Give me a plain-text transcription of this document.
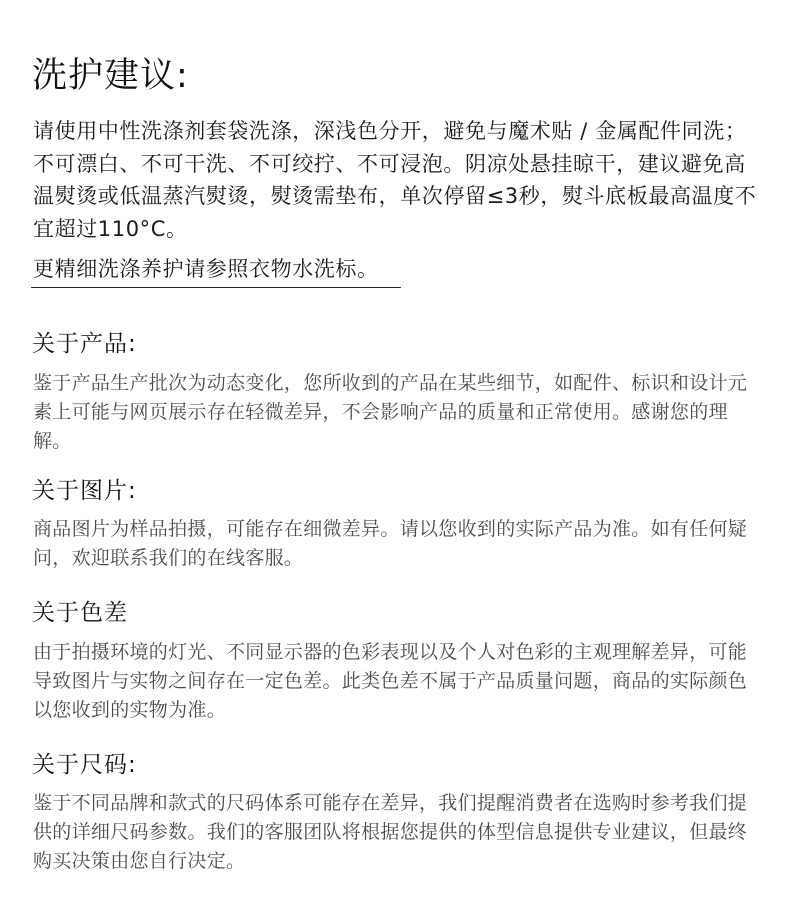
洗护建议:

请使用中性洗涤剂套袋洗涤，深浅色分开，避免与魔术贴 / 金属配件同洗；不可漂白、不可干洗、不可绞拧、不可浸泡。阴凉处悬挂晾干，建议避免高温熨烫或低温蒸汽熨烫，熨烫需垫布，单次停留≤3秒，熨斗底板最高温度不宜超过110°C。

更精细洗涤养护请参照衣物水洗标。

关于产品:

鉴于产品生产批次为动态变化，您所收到的产品在某些细节，如配件、标识和设计元素上可能与网页展示存在轻微差异，不会影响产品的质量和正常使用。感谢您的理解。

关于图片:

商品图片为样品拍摄，可能存在细微差异。请以您收到的实际产品为准。如有任何疑问，欢迎联系我们的在线客服。

关于色差

由于拍摄环境的灯光、不同显示器的色彩表现以及个人对色彩的主观理解差异，可能导致图片与实物之间存在一定色差。此类色差不属于产品质量问题，商品的实际颜色以您收到的实物为准。

关于尺码:

鉴于不同品牌和款式的尺码体系可能存在差异，我们提醒消费者在选购时参考我们提供的详细尺码参数。我们的客服团队将根据您提供的体型信息提供专业建议，但最终购买决策由您自行决定。
